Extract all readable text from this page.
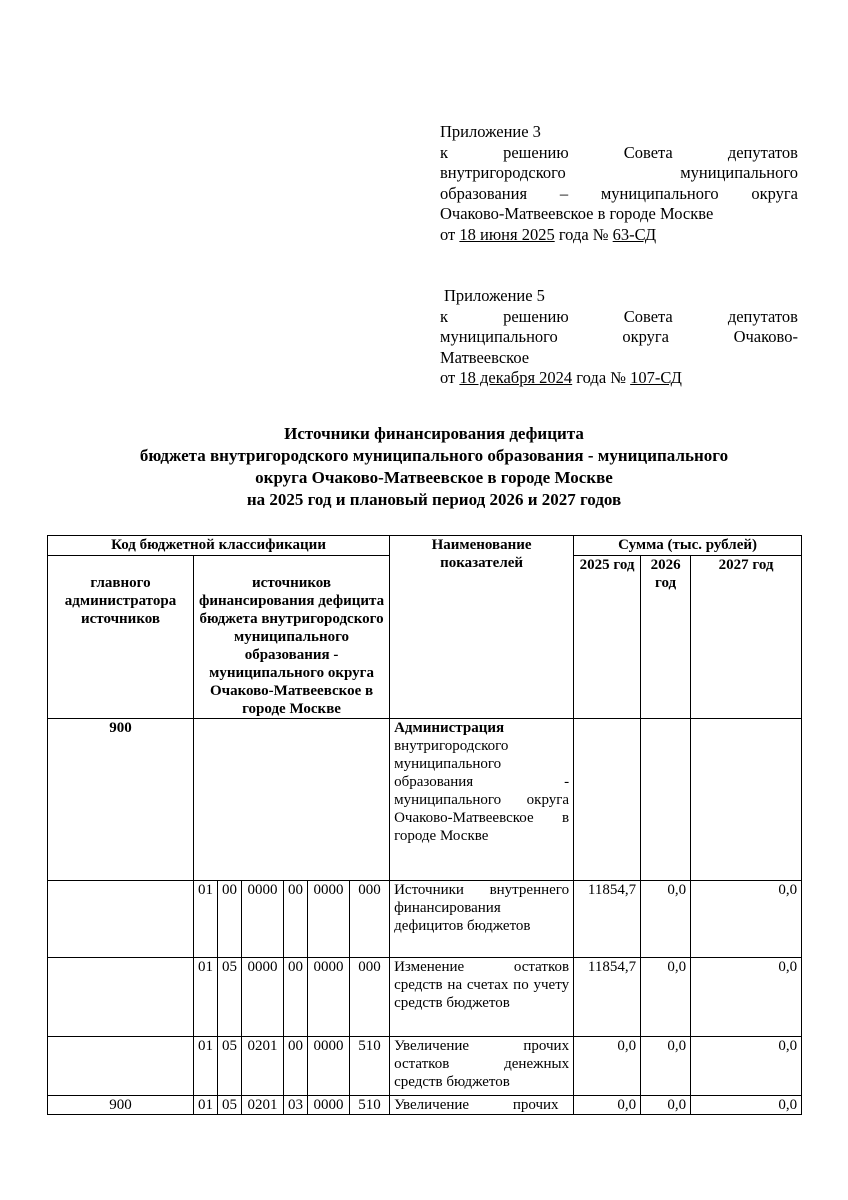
Приложение 3
к	решению	Совета	депутатов
внутригородского	муниципального
образования – муниципального округа
Очаково-Матвеевское в городе Москве
от 18 июня 2025 года № 63-СД
Приложение 5
к	решению	Совета	депутатов
муниципального	округа	Очаково-
Матвеевское
от 18 декабря 2024 года № 107-СД
Источники финансирования дефицита
бюджета внутригородского муниципального образования - муниципального
округа Очаково-Матвеевское в городе Москве
на 2025 год и плановый период 2026 и 2027 годов
Код бюджетной классификации							Наименование показателей	Сумма (тыс. рублей)		
главного администратора источников	источников финансирования дефицита бюджета внутригородского муниципального образования - муниципального округа Очаково-Матвеевское в городе Москве							2025 год	2026 год	2027 год
900							Администрация внутригородского муниципального образования - муниципального округа Очаково-Матвеевское в городе Москве			
	01	00	0000	00	0000	000	Источники внутреннего финансирования дефицитов бюджетов	11854,7	0,0	0,0
	01	05	0000	00	0000	000	Изменение остатков средств на счетах по учету средств бюджетов	11854,7	0,0	0,0
	01	05	0201	00	0000	510	Увеличение прочих остатков денежных средств бюджетов	0,0	0,0	0,0
900	01	05	0201	03	0000	510	Увеличение прочих	0,0	0,0	0,0
